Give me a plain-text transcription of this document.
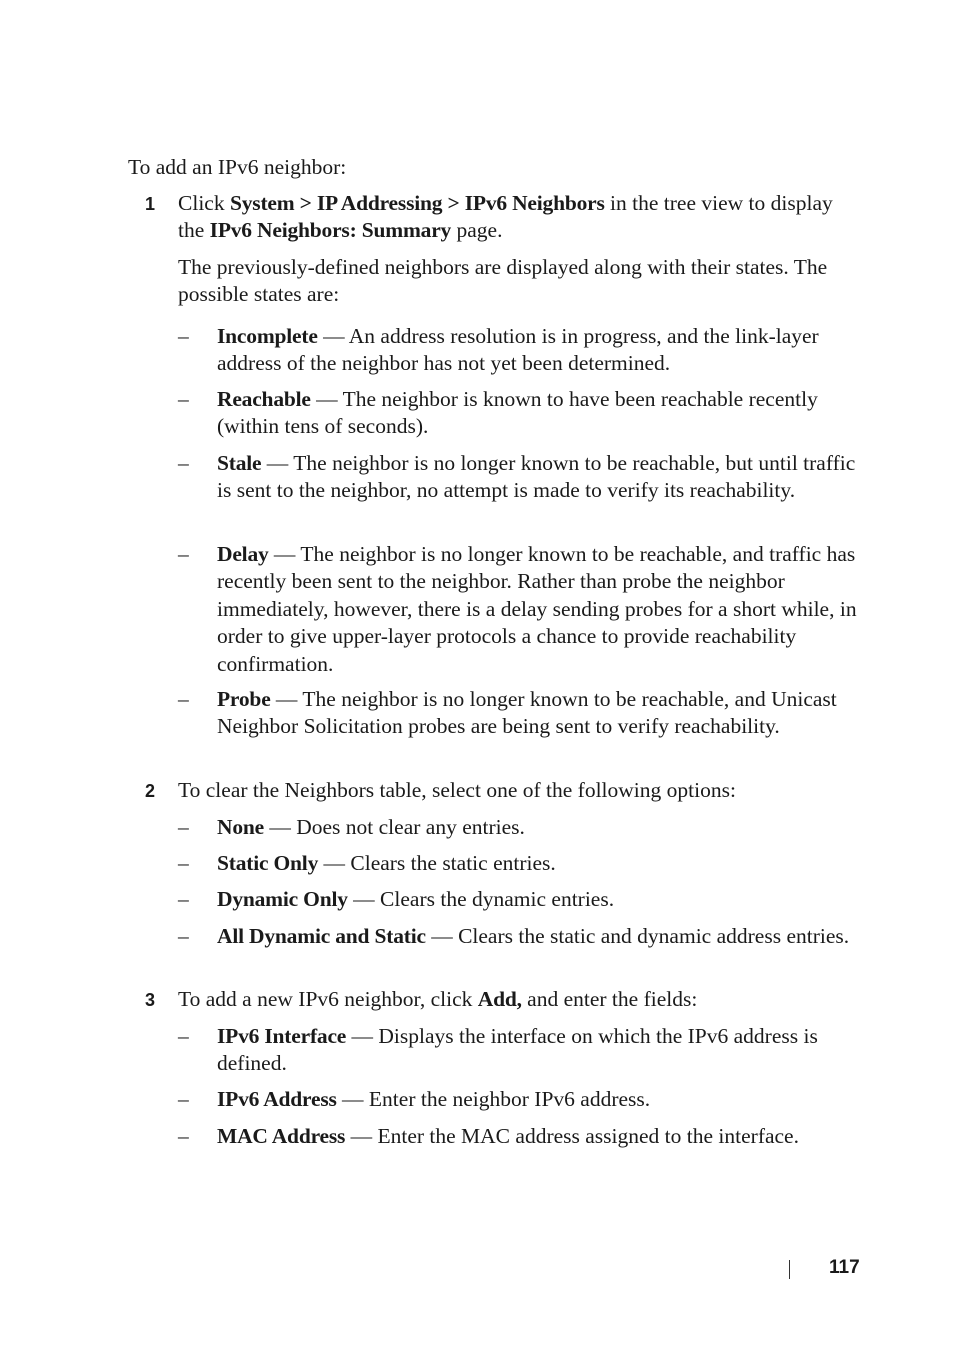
To add an IPv6 neighbor:

1 Click System > IP Addressing > IPv6 Neighbors in the tree view to display the IPv6 Neighbors: Summary page.

The previously-defined neighbors are displayed along with their states. The possible states are:

– Incomplete — An address resolution is in progress, and the link-layer address of the neighbor has not yet been determined.

– Reachable — The neighbor is known to have been reachable recently (within tens of seconds).

– Stale — The neighbor is no longer known to be reachable, but until traffic is sent to the neighbor, no attempt is made to verify its reachability.

– Delay — The neighbor is no longer known to be reachable, and traffic has recently been sent to the neighbor. Rather than probe the neighbor immediately, however, there is a delay sending probes for a short while, in order to give upper-layer protocols a chance to provide reachability confirmation.

– Probe — The neighbor is no longer known to be reachable, and Unicast Neighbor Solicitation probes are being sent to verify reachability.

2 To clear the Neighbors table, select one of the following options:

– None — Does not clear any entries.

– Static Only — Clears the static entries.

– Dynamic Only — Clears the dynamic entries.

– All Dynamic and Static — Clears the static and dynamic address entries.

3 To add a new IPv6 neighbor, click Add, and enter the fields:

– IPv6 Interface — Displays the interface on which the IPv6 address is defined.

– IPv6 Address — Enter the neighbor IPv6 address.

– MAC Address — Enter the MAC address assigned to the interface.

117
